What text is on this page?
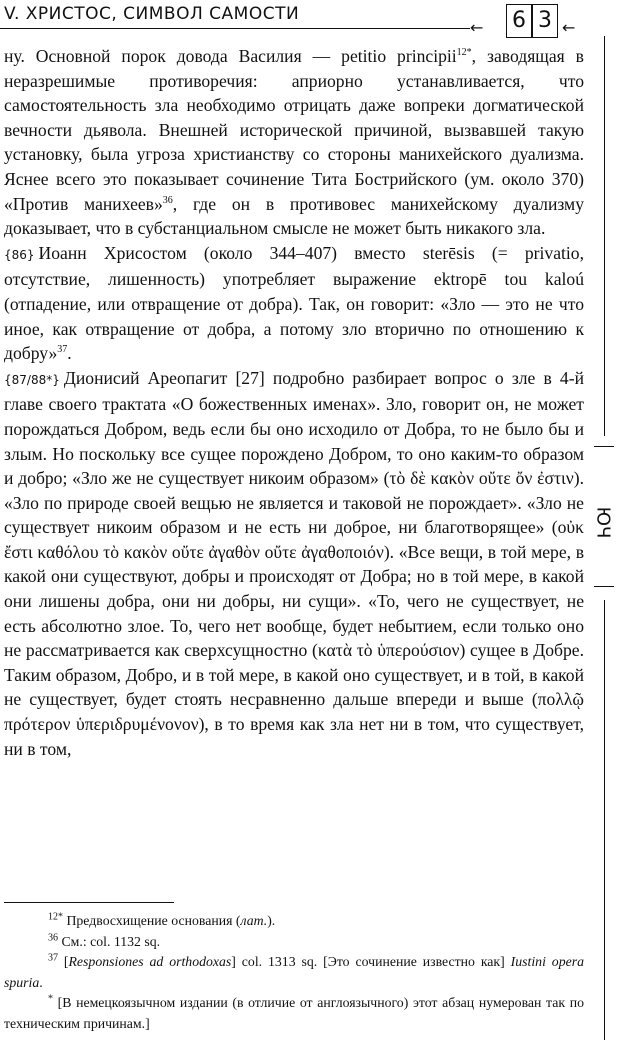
V. ХРИСТОС, СИМВОЛ САМОСТИ
← 6 3 ←
ЮЧ

ну. Основной порок довода Василия — petitio principii$^{12*}$, заводящая в неразрешимые противоречия: априорно устанавливается, что самостоятельность зла необходимо отрицать даже вопреки догматической вечности дьявола. Внешней исторической причиной, вызвавшей такую установку, была угроза христианству со стороны манихейского дуализма. Яснее всего это показывает сочинение Тита Бострийского (ум. около 370) «Против манихеев»$^{36}$, где он в противовес манихейскому дуализму доказывает, что в субстанциальном смысле не может быть никакого зла.

{86} Иоанн Хрисостом (около 344–407) вместо sterēsis (= privatio, отсутствие, лишенность) употребляет выражение ektropē tou kaloú (отпадение, или отвращение от добра). Так, он говорит: «Зло — это не что иное, как отвращение от добра, а потому зло вторично по отношению к добру»$^{37}$.

{87/88*} Дионисий Ареопагит [27] подробно разбирает вопрос о зле в 4-й главе своего трактата «О божественных именах». Зло, говорит он, не может порождаться Добром, ведь если бы оно исходило от Добра, то не было бы и злым. Но поскольку все сущее порождено Добром, то оно каким-то образом и добро; «Зло же не существует никоим образом» (τὸ δὲ κακὸν οὔτε ὄν ἐστιν). «Зло по природе своей вещью не является и таковой не порождает». «Зло не существует никоим образом и не есть ни доброе, ни благотворящее» (οὐκ ἔστι καθόλου τὸ κακὸν οὔτε ἀγαθὸν οὔτε ἀγαθοποιόν). «Все вещи, в той мере, в какой они существуют, добры и происходят от Добра; но в той мере, в какой они лишены добра, они ни добры, ни сущи». «То, чего не существует, не есть абсолютно злое. То, чего нет вообще, будет небытием, если только оно не рассматривается как сверхсущностно (κατὰ τὸ ὑπερούσιον) сущее в Добре. Таким образом, Добро, и в той мере, в какой оно существует, и в той, в какой не существует, будет стоять несравненно дальше впереди и выше (πολλῷ πρότερον ὑπεριδρυμένονον), в то время как зла нет ни в том, что существует, ни в том,

$^{12*}$ Предвосхищение основания (лат.).
$^{36}$ См.: col. 1132 sq.
$^{37}$ [Responsiones ad orthodoxas] col. 1313 sq. [Это сочинение известно как] Iustini opera spuria.
* [В немецкоязычном издании (в отличие от англоязычного) этот абзац нумерован так по техническим причинам.]
